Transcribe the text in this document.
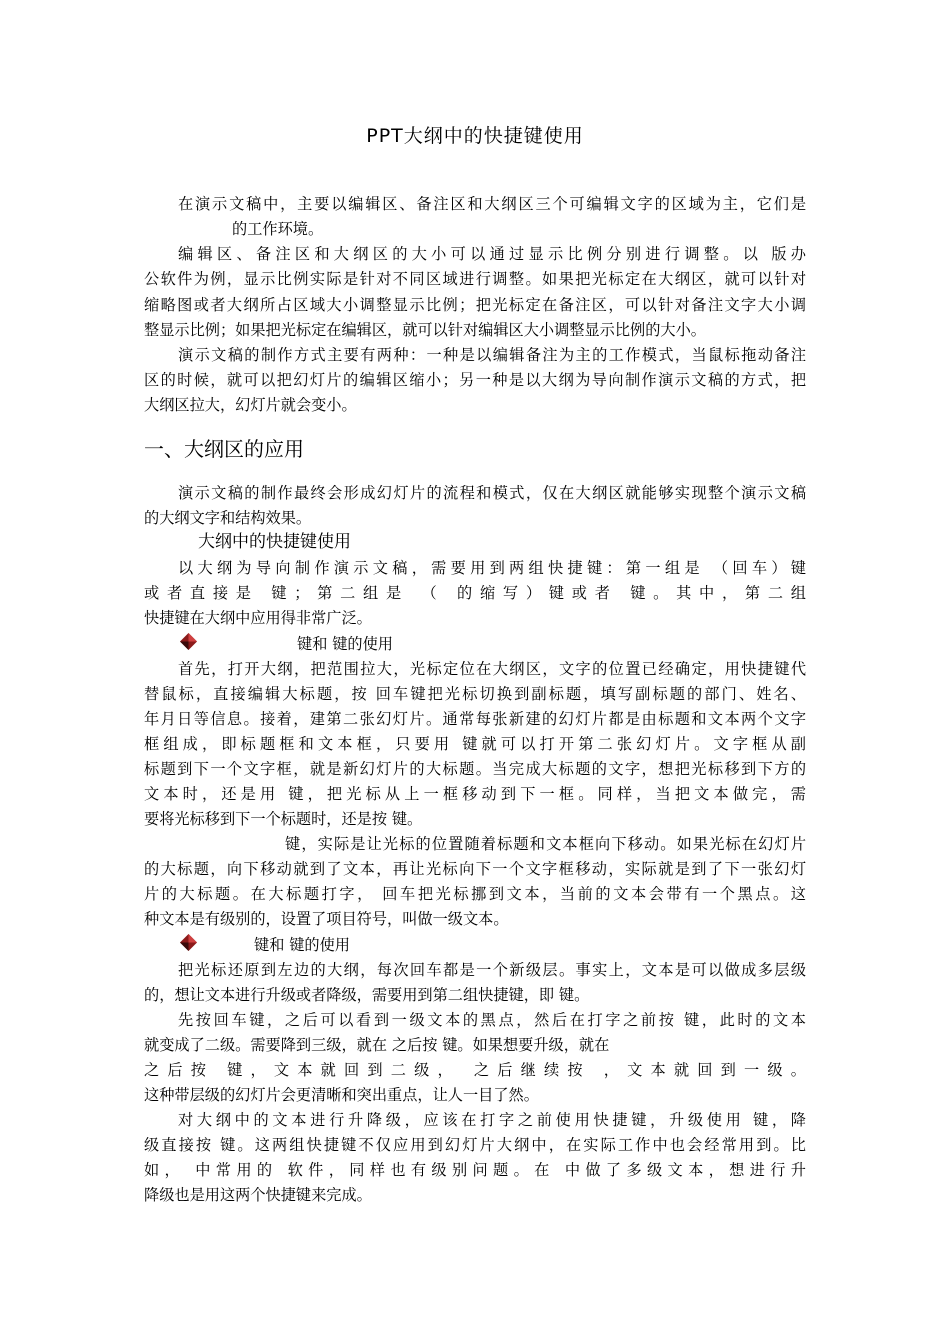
PPT大纲中的快捷键使用
一、大纲区的应用
大纲中的快捷键使用
在演示文稿中，主要以编辑区、备注区和大纲区三个可编辑文字的区域为主，它们是
的工作环境。
编辑区、备注区和大纲区的大小可以通过显示比例分别进行调整。以 版办
公软件为例，显示比例实际是针对不同区域进行调整。如果把光标定在大纲区，就可以针对
缩略图或者大纲所占区域大小调整显示比例；把光标定在备注区，可以针对备注文字大小调
整显示比例；如果把光标定在编辑区，就可以针对编辑区大小调整显示比例的大小。
演示文稿的制作方式主要有两种：一种是以编辑备注为主的工作模式，当鼠标拖动备注
区的时候，就可以把幻灯片的编辑区缩小；另一种是以大纲为导向制作演示文稿的方式，把
大纲区拉大，幻灯片就会变小。
演示文稿的制作最终会形成幻灯片的流程和模式，仅在大纲区就能够实现整个演示文稿
的大纲文字和结构效果。
以大纲为导向制作演示文稿，需要用到两组快捷键：第一组是 （回车）键
或者直接是 键；第二组是 （ 的缩写）键或者 键。其中，第二组
快捷键在大纲中应用得非常广泛。
键和 键的使用
首先，打开大纲，把范围拉大，光标定位在大纲区，文字的位置已经确定，用快捷键代
替鼠标，直接编辑大标题，按 回车键把光标切换到副标题，填写副标题的部门、姓名、
年月日等信息。接着，建第二张幻灯片。通常每张新建的幻灯片都是由标题和文本两个文字
框组成，即标题框和文本框，只要用 键就可以打开第二张幻灯片。文字框从副
标题到下一个文字框，就是新幻灯片的大标题。当完成大标题的文字，想把光标移到下方的
文本时，还是用 键，把光标从上一框移动到下一框。同样，当把文本做完，需
要将光标移到下一个标题时，还是按 键。
键，实际是让光标的位置随着标题和文本框向下移动。如果光标在幻灯片
的大标题，向下移动就到了文本，再让光标向下一个文字框移动，实际就是到了下一张幻灯
片的大标题。在大标题打字， 回车把光标挪到文本，当前的文本会带有一个黑点。这
种文本是有级别的，设置了项目符号，叫做一级文本。
键和 键的使用
把光标还原到左边的大纲，每次回车都是一个新级层。事实上，文本是可以做成多层级
的，想让文本进行升级或者降级，需要用到第二组快捷键，即 键。
先按回车键，之后可以看到一级文本的黑点，然后在打字之前按 键，此时的文本
就变成了二级。需要降到三级，就在 之后按 键。如果想要升级，就在
之后按 键，文本就回到二级， 之后继续按 ，文本就回到一级。
这种带层级的幻灯片会更清晰和突出重点，让人一目了然。
对大纲中的文本进行升降级，应该在打字之前使用快捷键，升级使用 键，降
级直接按 键。这两组快捷键不仅应用到幻灯片大纲中，在实际工作中也会经常用到。比
如， 中常用的 软件，同样也有级别问题。在 中做了多级文本，想进行升
降级也是用这两个快捷键来完成。
